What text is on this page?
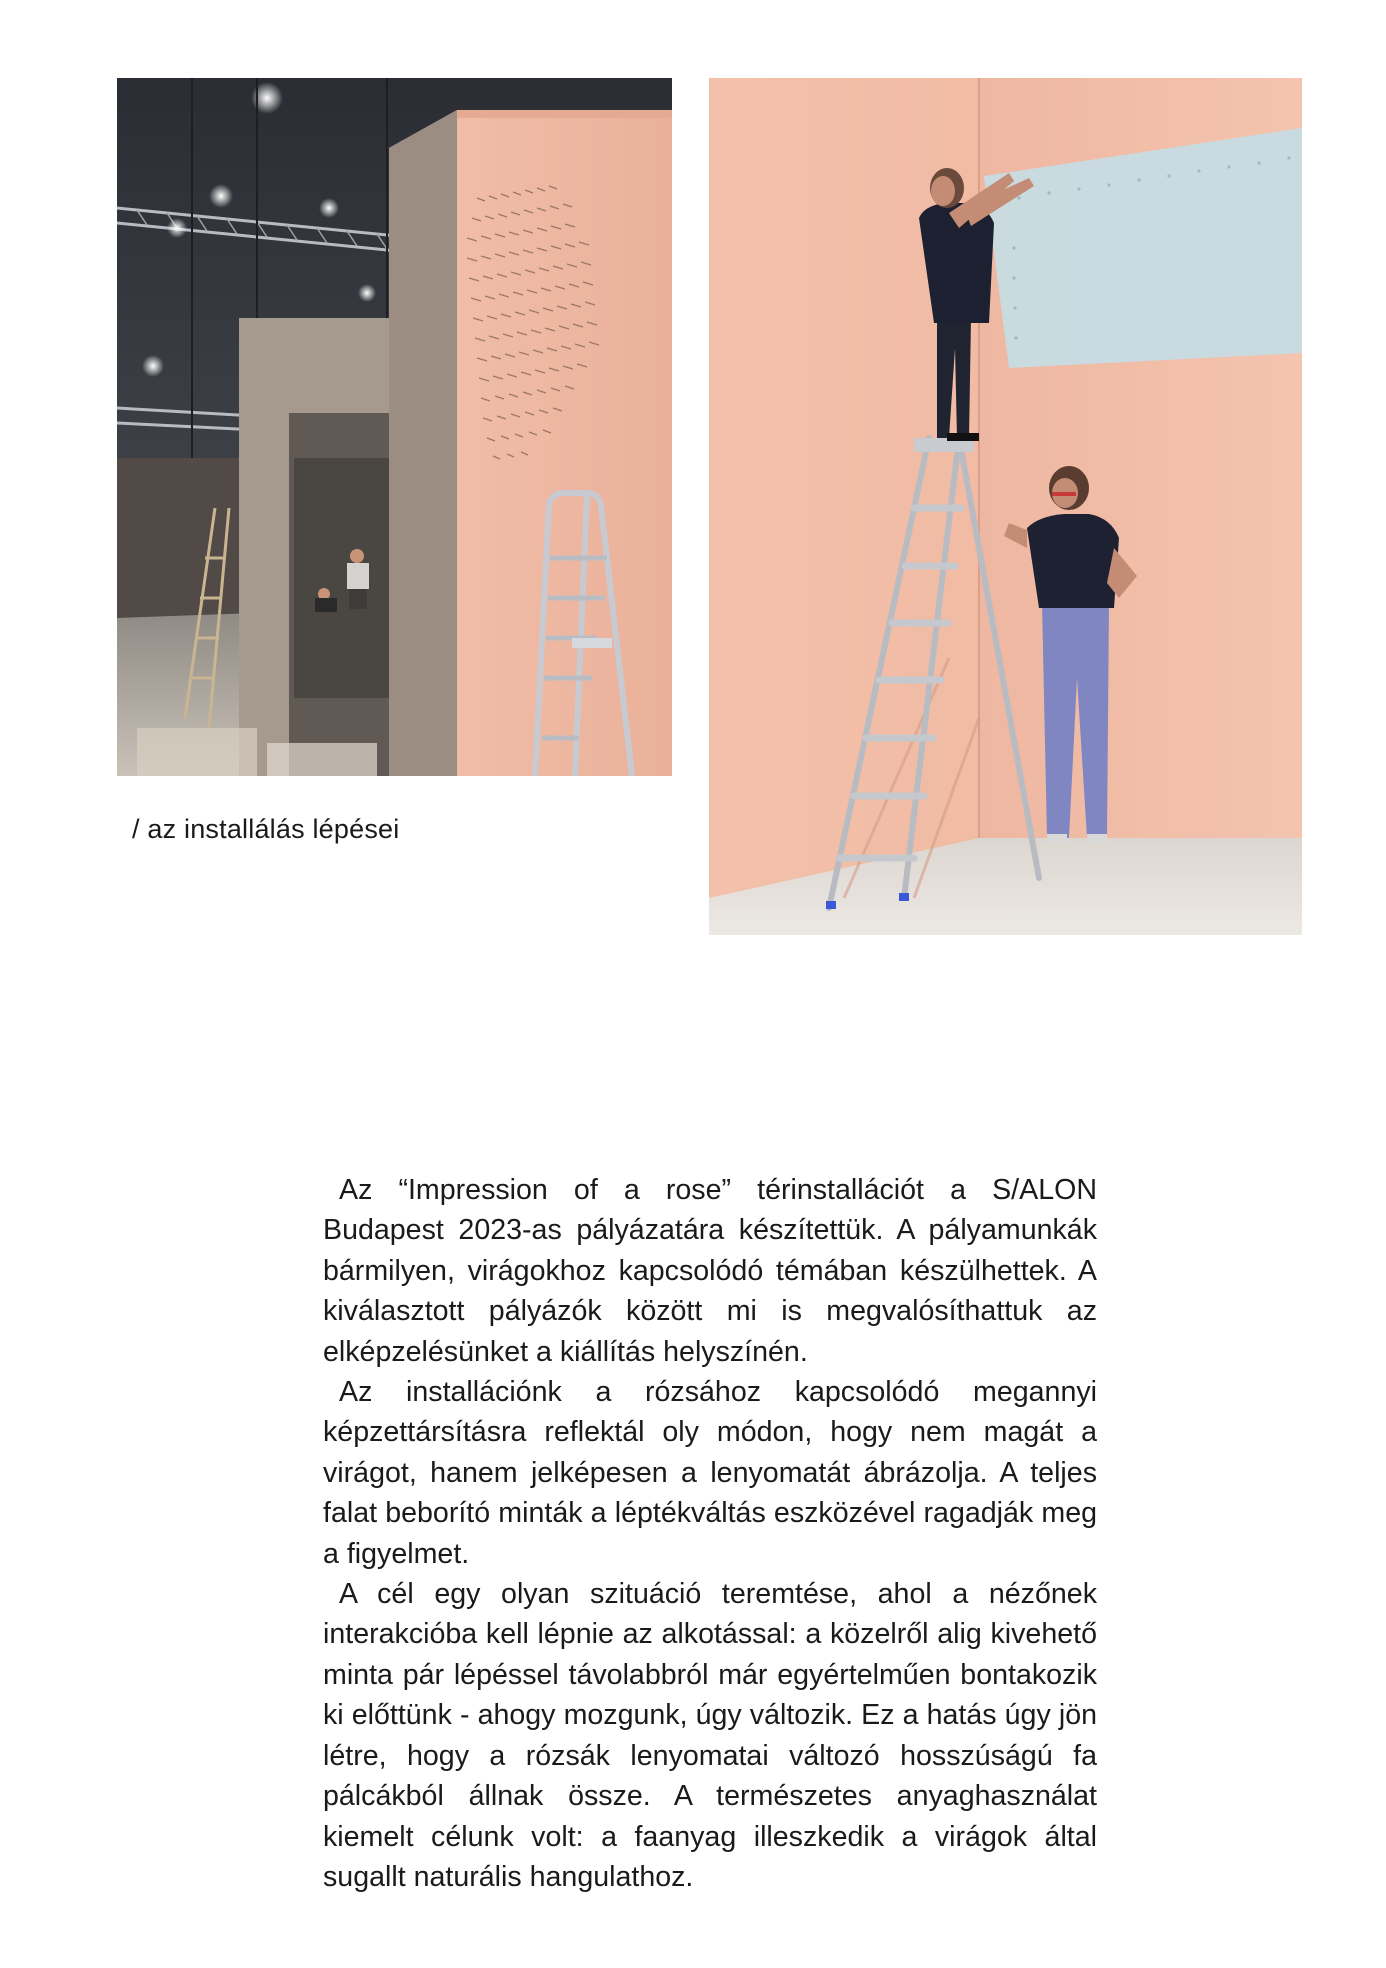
/ az installálás lépései

Az “Impression of a rose” térinstallációt a S/ALON Budapest 2023-as pályázatára készítettük. A pályamunkák bármilyen, virágokhoz kapcsolódó témában készülhettek. A kiválasztott pályázók között mi is megvalósíthattuk az elképzelésünket a kiállítás helyszínén.

Az installációnk a rózsához kapcsolódó megannyi képzettársításra reflektál oly módon, hogy nem magát a virágot, hanem jelképesen a lenyomatát ábrázolja. A teljes falat beborító minták a léptékváltás eszközével ragadják meg a figyelmet.

A cél egy olyan szituáció teremtése, ahol a nézőnek interakcióba kell lépnie az alkotással: a közelről alig kivehető minta pár lépéssel távolabbról már egyértelműen bontakozik ki előttünk - ahogy mozgunk, úgy változik. Ez a hatás úgy jön létre, hogy a rózsák lenyomatai változó hosszúságú fa pálcákból állnak össze. A természetes anyaghasználat kiemelt célunk volt: a faanyag illeszkedik a virágok által sugallt naturális hangulathoz.
